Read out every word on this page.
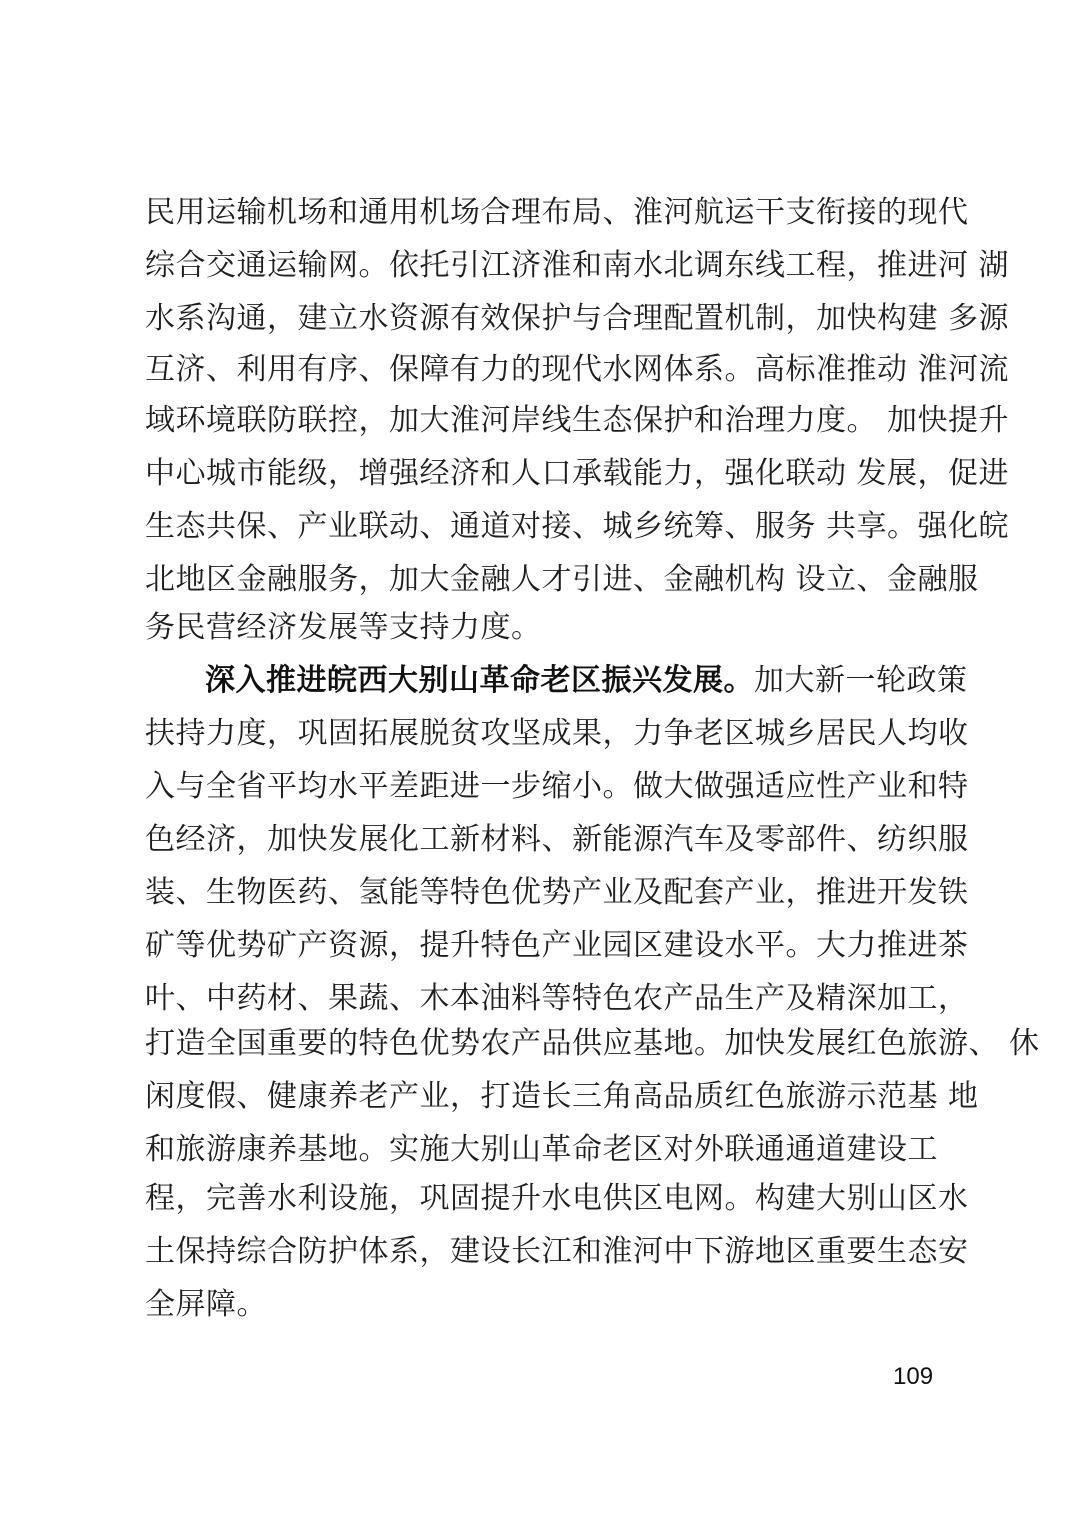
民用运输机场和通用机场合理布局、淮河航运干支衔接的现代
综合交通运输网。依托引江济淮和南水北调东线工程，推进河 湖
水系沟通，建立水资源有效保护与合理配置机制，加快构建 多源
互济、利用有序、保障有力的现代水网体系。高标准推动 淮河流
域环境联防联控，加大淮河岸线生态保护和治理力度。 加快提升
中心城市能级，增强经济和人口承载能力，强化联动 发展，促进
生态共保、产业联动、通道对接、城乡统筹、服务 共享。强化皖
北地区金融服务，加大金融人才引进、金融机构 设立、金融服
务民营经济发展等支持力度。
深入推进皖西大别山革命老区振兴发展。加大新一轮政策
扶持力度，巩固拓展脱贫攻坚成果，力争老区城乡居民人均收
入与全省平均水平差距进一步缩小。做大做强适应性产业和特
色经济，加快发展化工新材料、新能源汽车及零部件、纺织服
装、生物医药、氢能等特色优势产业及配套产业，推进开发铁
矿等优势矿产资源，提升特色产业园区建设水平。大力推进茶
叶、中药材、果蔬、木本油料等特色农产品生产及精深加工，
打造全国重要的特色优势农产品供应基地。加快发展红色旅游、 休
闲度假、健康养老产业，打造长三角高品质红色旅游示范基 地
和旅游康养基地。实施大别山革命老区对外联通通道建设工
程，完善水利设施，巩固提升水电供区电网。构建大别山区水
土保持综合防护体系，建设长江和淮河中下游地区重要生态安
全屏障。
109
